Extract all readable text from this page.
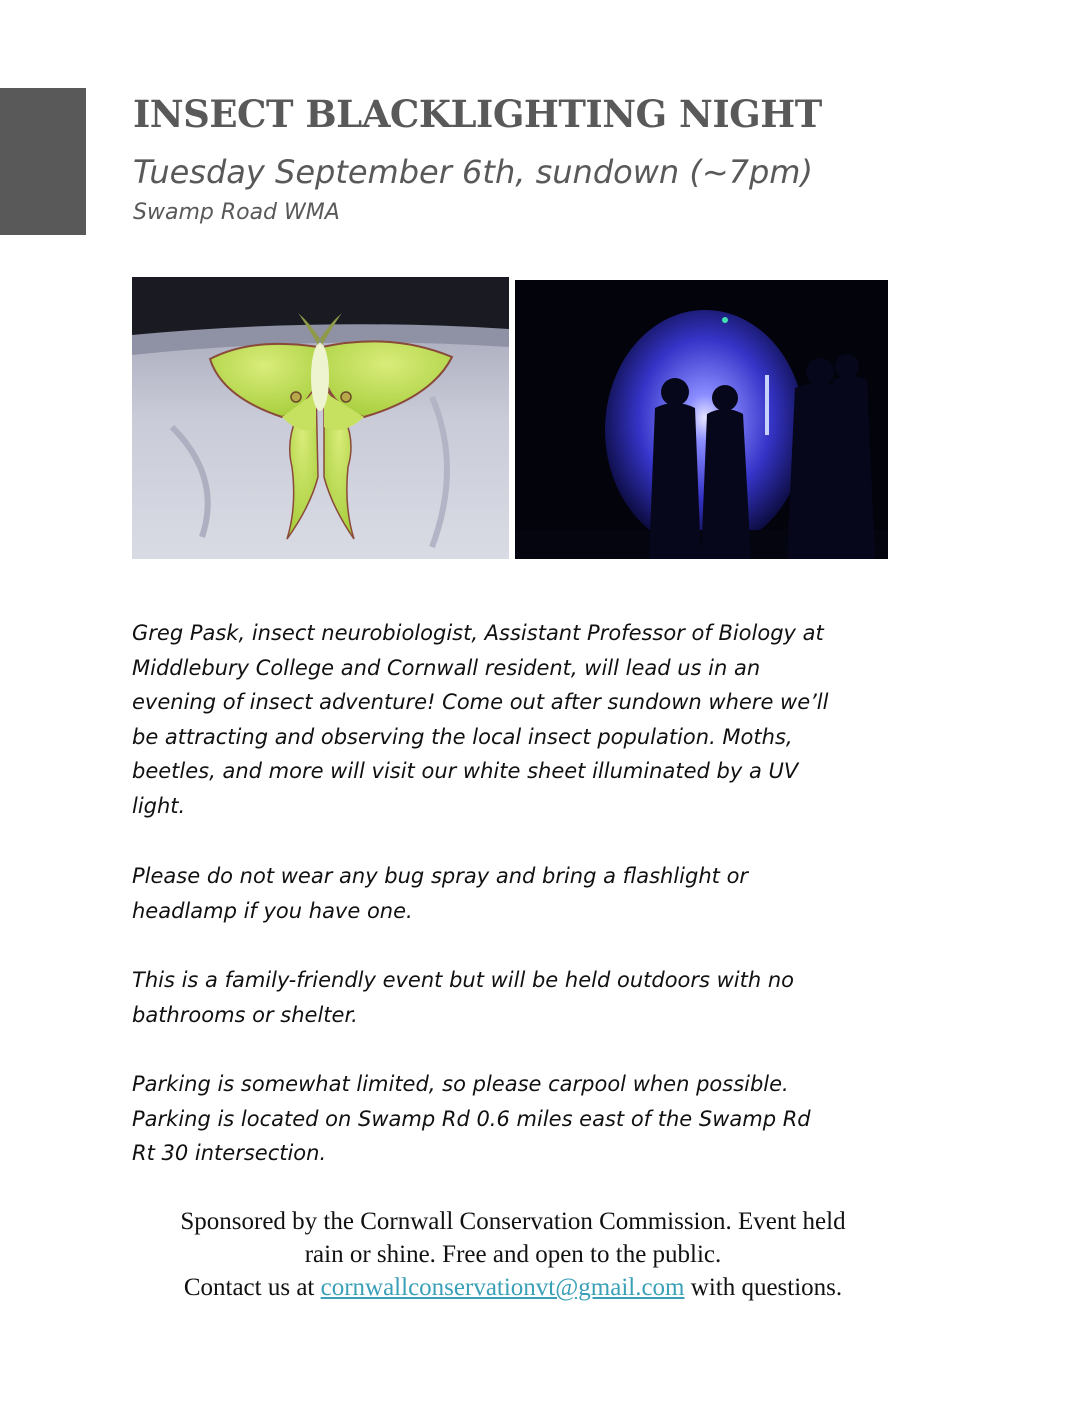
INSECT BLACKLIGHTING NIGHT

Tuesday September 6th, sundown (~7pm)

Swamp Road WMA

Greg Pask, insect neurobiologist, Assistant Professor of Biology at
Middlebury College and Cornwall resident, will lead us in an
evening of insect adventure! Come out after sundown where we’ll
be attracting and observing the local insect population. Moths,
beetles, and more will visit our white sheet illuminated by a UV
light.

Please do not wear any bug spray and bring a flashlight or
headlamp if you have one.

This is a family-friendly event but will be held outdoors with no
bathrooms or shelter.

Parking is somewhat limited, so please carpool when possible.
Parking is located on Swamp Rd 0.6 miles east of the Swamp Rd
Rt 30 intersection.

Sponsored by the Cornwall Conservation Commission. Event held
rain or shine. Free and open to the public.
Contact us at cornwallconservationvt@gmail.com with questions.
